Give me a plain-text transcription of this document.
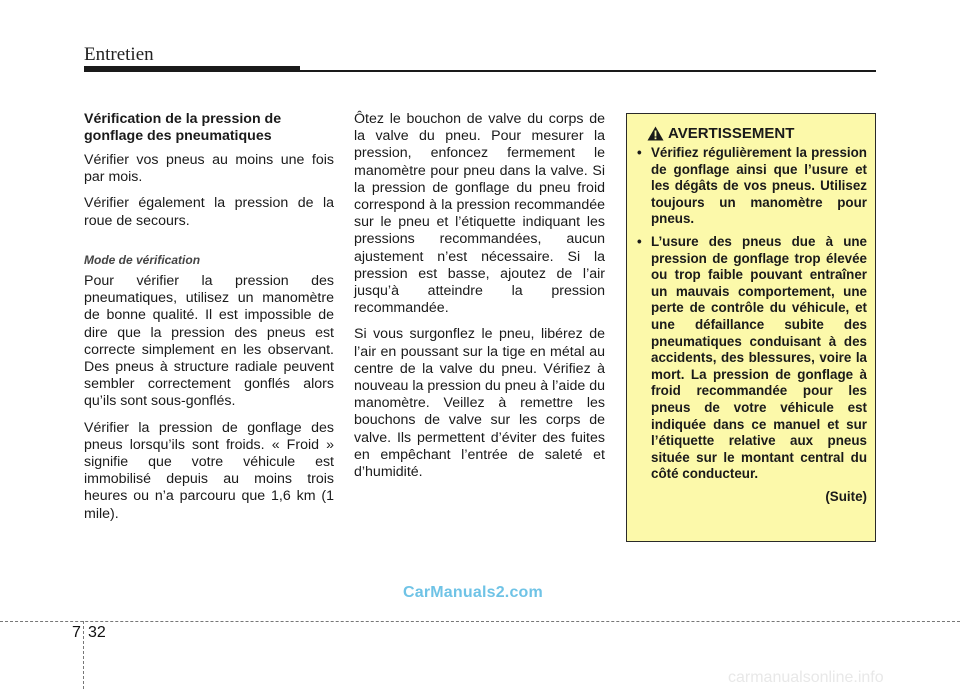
Entretien
Vérification de la pression de gonflage des pneumatiques

Vérifier vos pneus au moins une fois par mois.

Vérifier également la pression de la roue de secours.

Mode de vérification

Pour vérifier la pression des pneumatiques, utilisez un manomètre de bonne qualité. Il est impossible de dire que la pression des pneus est correcte simplement en les observant. Des pneus à structure radiale peuvent sembler correctement gonflés alors qu’ils sont sous-gonflés.

Vérifier la pression de gonflage des pneus lorsqu’ils sont froids. « Froid » signifie que votre véhicule est immobilisé depuis au moins trois heures ou n’a parcouru que 1,6 km (1 mile).

Ôtez le bouchon de valve du corps de la valve du pneu. Pour mesurer la pression, enfoncez fermement le manomètre pour pneu dans la valve. Si la pression de gonflage du pneu froid correspond à la pression recommandée sur le pneu et l’étiquette indiquant les pressions recommandées, aucun ajustement n’est nécessaire. Si la pression est basse, ajoutez de l’air jusqu’à atteindre la pression recommandée.

Si vous surgonflez le pneu, libérez de l’air en poussant sur la tige en métal au centre de la valve du pneu. Vérifiez à nouveau la pression du pneu à l’aide du manomètre. Veillez à remettre les bouchons de valve sur les corps de valve. Ils permettent d’éviter des fuites en empêchant l’entrée de saleté et d’humidité.

AVERTISSEMENT
• Vérifiez régulièrement la pression de gonflage ainsi que l’usure et les dégâts de vos pneus. Utilisez toujours un manomètre pour pneus.
• L’usure des pneus due à une pression de gonflage trop élevée ou trop faible pouvant entraîner un mauvais comportement, une perte de contrôle du véhicule, et une défaillance subite des pneumatiques conduisant à des accidents, des blessures, voire la mort. La pression de gonflage à froid recommandée pour les pneus de votre véhicule est indiquée dans ce manuel et sur l’étiquette relative aux pneus située sur le montant central du côté conducteur.
(Suite)
CarManuals2.com
7 32
carmanualsonline.info
